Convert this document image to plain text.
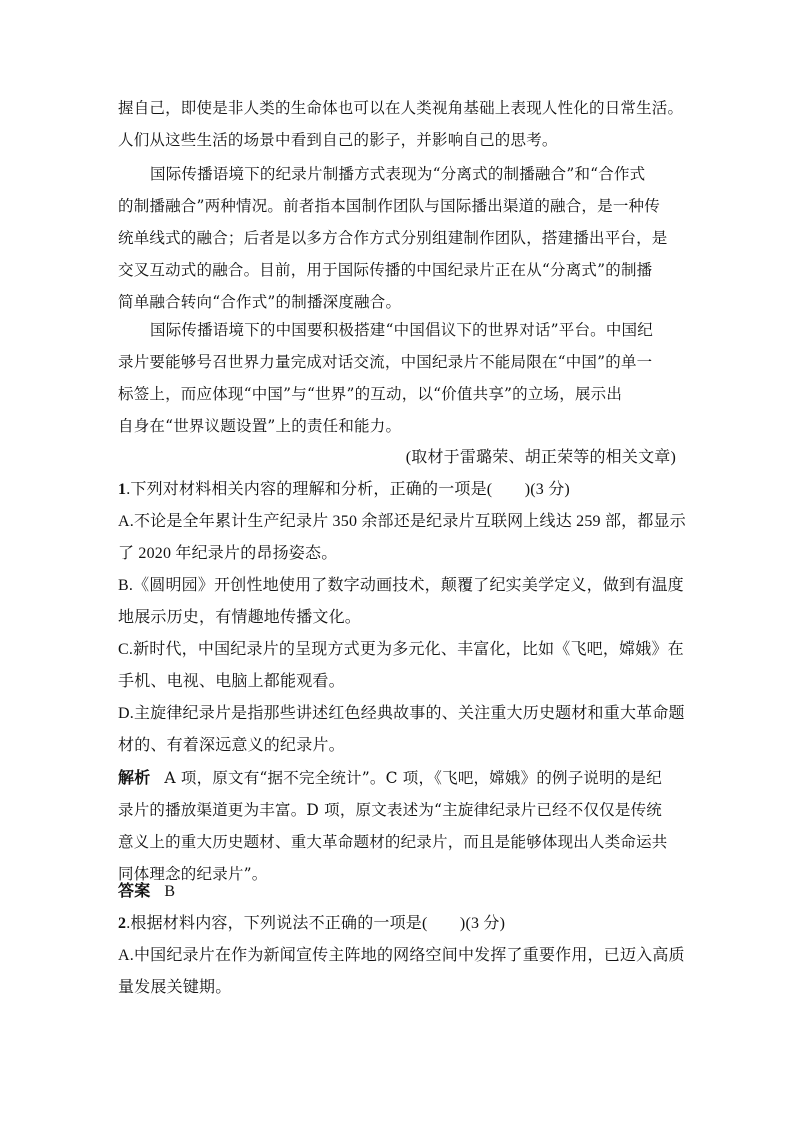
握自己，即使是非人类的生命体也可以在人类视角基础上表现人性化的日常生活。
人们从这些生活的场景中看到自己的影子，并影响自己的思考。
国际传播语境下的纪录片制播方式表现为“分离式的制播融合”和“合作式
的制播融合”两种情况。前者指本国制作团队与国际播出渠道的融合，是一种传
统单线式的融合；后者是以多方合作方式分别组建制作团队，搭建播出平台，是
交叉互动式的融合。目前，用于国际传播的中国纪录片正在从“分离式”的制播
简单融合转向“合作式”的制播深度融合。
国际传播语境下的中国要积极搭建“中国倡议下的世界对话”平台。中国纪
录片要能够号召世界力量完成对话交流，中国纪录片不能局限在“中国”的单一
标签上，而应体现“中国”与“世界”的互动，以“价值共享”的立场，展示出
自身在“世界议题设置”上的责任和能力。
(取材于雷璐荣、胡正荣等的相关文章)
1.下列对材料相关内容的理解和分析，正确的一项是(　　)(3 分)
A.不论是全年累计生产纪录片 350 余部还是纪录片互联网上线达 259 部，都显示
了 2020 年纪录片的昂扬姿态。
B.《圆明园》开创性地使用了数字动画技术，颠覆了纪实美学定义，做到有温度
地展示历史，有情趣地传播文化。
C.新时代，中国纪录片的呈现方式更为多元化、丰富化，比如《飞吧，嫦娥》在
手机、电视、电脑上都能观看。
D.主旋律纪录片是指那些讲述红色经典故事的、关注重大历史题材和重大革命题
材的、有着深远意义的纪录片。
解析 A 项，原文有“据不完全统计”。C 项，《飞吧，嫦娥》的例子说明的是纪
录片的播放渠道更为丰富。D 项，原文表述为“主旋律纪录片已经不仅仅是传统
意义上的重大历史题材、重大革命题材的纪录片，而且是能够体现出人类命运共
同体理念的纪录片”。
答案 B
2.根据材料内容，下列说法不正确的一项是(　　)(3 分)
A.中国纪录片在作为新闻宣传主阵地的网络空间中发挥了重要作用，已迈入高质
量发展关键期。
